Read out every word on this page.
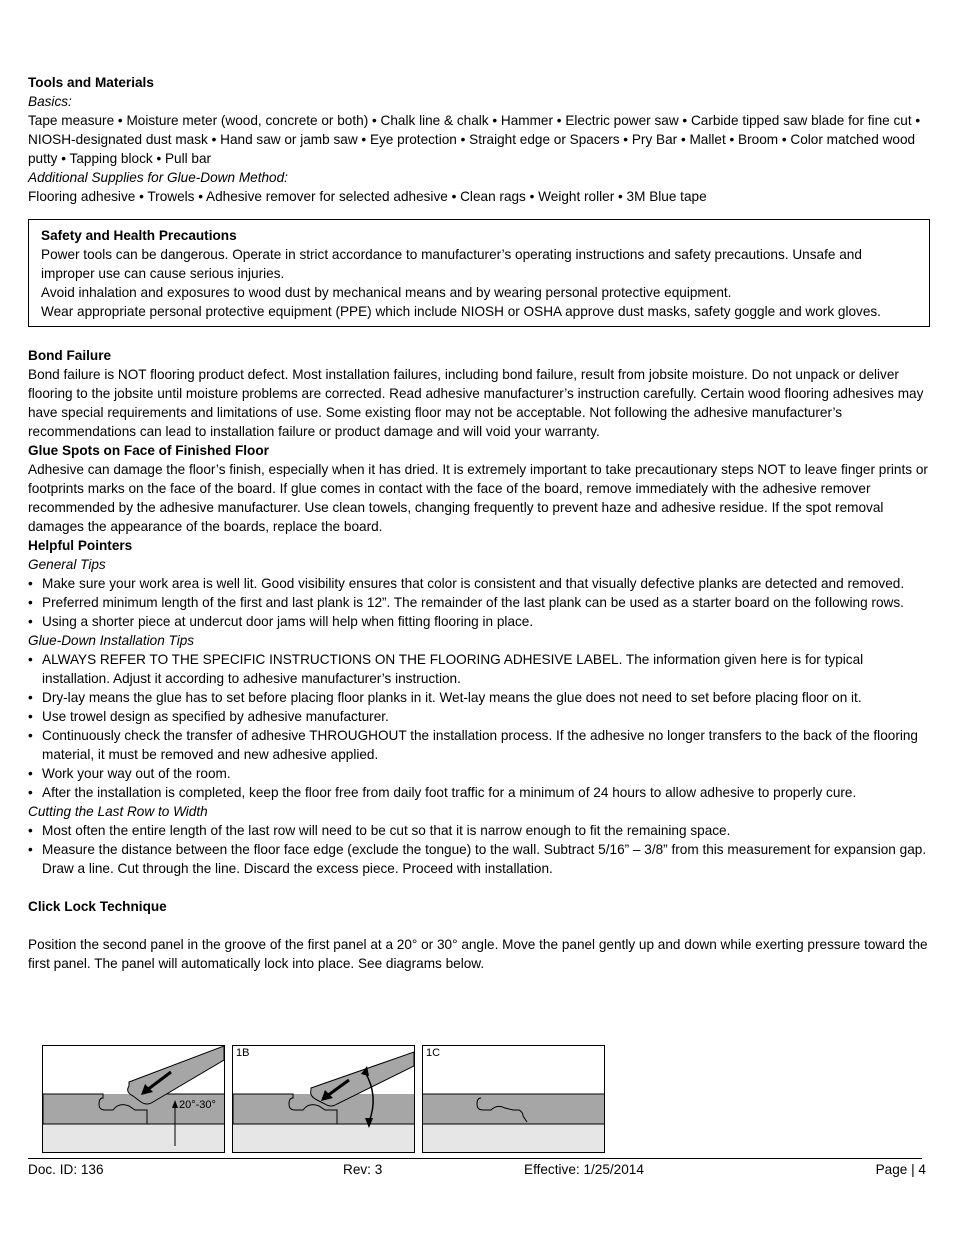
Tools and Materials

Basics:

Tape measure • Moisture meter (wood, concrete or both) • Chalk line & chalk • Hammer • Electric power saw • Carbide tipped saw blade for fine cut • NIOSH-designated dust mask • Hand saw or jamb saw • Eye protection • Straight edge or Spacers • Pry Bar • Mallet • Broom • Color matched wood putty • Tapping block • Pull bar

Additional Supplies for Glue-Down Method:

Flooring adhesive • Trowels • Adhesive remover for selected adhesive • Clean rags • Weight roller • 3M Blue tape

Safety and Health Precautions

Power tools can be dangerous. Operate in strict accordance to manufacturer’s operating instructions and safety precautions. Unsafe and improper use can cause serious injuries.

Avoid inhalation and exposures to wood dust by mechanical means and by wearing personal protective equipment.

Wear appropriate personal protective equipment (PPE) which include NIOSH or OSHA approve dust masks, safety goggle and work gloves.

Bond Failure

Bond failure is NOT flooring product defect. Most installation failures, including bond failure, result from jobsite moisture. Do not unpack or deliver flooring to the jobsite until moisture problems are corrected. Read adhesive manufacturer’s instruction carefully. Certain wood flooring adhesives may have special requirements and limitations of use. Some existing floor may not be acceptable. Not following the adhesive manufacturer’s recommendations can lead to installation failure or product damage and will void your warranty.

Glue Spots on Face of Finished Floor

Adhesive can damage the floor’s finish, especially when it has dried. It is extremely important to take precautionary steps NOT to leave finger prints or footprints marks on the face of the board. If glue comes in contact with the face of the board, remove immediately with the adhesive remover recommended by the adhesive manufacturer. Use clean towels, changing frequently to prevent haze and adhesive residue. If the spot removal damages the appearance of the boards, replace the board.

Helpful Pointers

General Tips

• Make sure your work area is well lit. Good visibility ensures that color is consistent and that visually defective planks are detected and removed.
• Preferred minimum length of the first and last plank is 12”. The remainder of the last plank can be used as a starter board on the following rows.
• Using a shorter piece at undercut door jams will help when fitting flooring in place.

Glue-Down Installation Tips

• ALWAYS REFER TO THE SPECIFIC INSTRUCTIONS ON THE FLOORING ADHESIVE LABEL. The information given here is for typical installation. Adjust it according to adhesive manufacturer’s instruction.
• Dry-lay means the glue has to set before placing floor planks in it. Wet-lay means the glue does not need to set before placing floor on it.
• Use trowel design as specified by adhesive manufacturer.
• Continuously check the transfer of adhesive THROUGHOUT the installation process. If the adhesive no longer transfers to the back of the flooring material, it must be removed and new adhesive applied.
• Work your way out of the room.
• After the installation is completed, keep the floor free from daily foot traffic for a minimum of 24 hours to allow adhesive to properly cure.

Cutting the Last Row to Width

• Most often the entire length of the last row will need to be cut so that it is narrow enough to fit the remaining space.
• Measure the distance between the floor face edge (exclude the tongue) to the wall. Subtract 5/16” – 3/8” from this measurement for expansion gap. Draw a line. Cut through the line. Discard the excess piece. Proceed with installation.

Click Lock Technique

Position the second panel in the groove of the first panel at a 20° or 30° angle. Move the panel gently up and down while exerting pressure toward the first panel. The panel will automatically lock into place. See diagrams below.

20°-30°
1B	1C
Doc. ID: 136	Rev: 3	Effective: 1/25/2014	Page | 4
